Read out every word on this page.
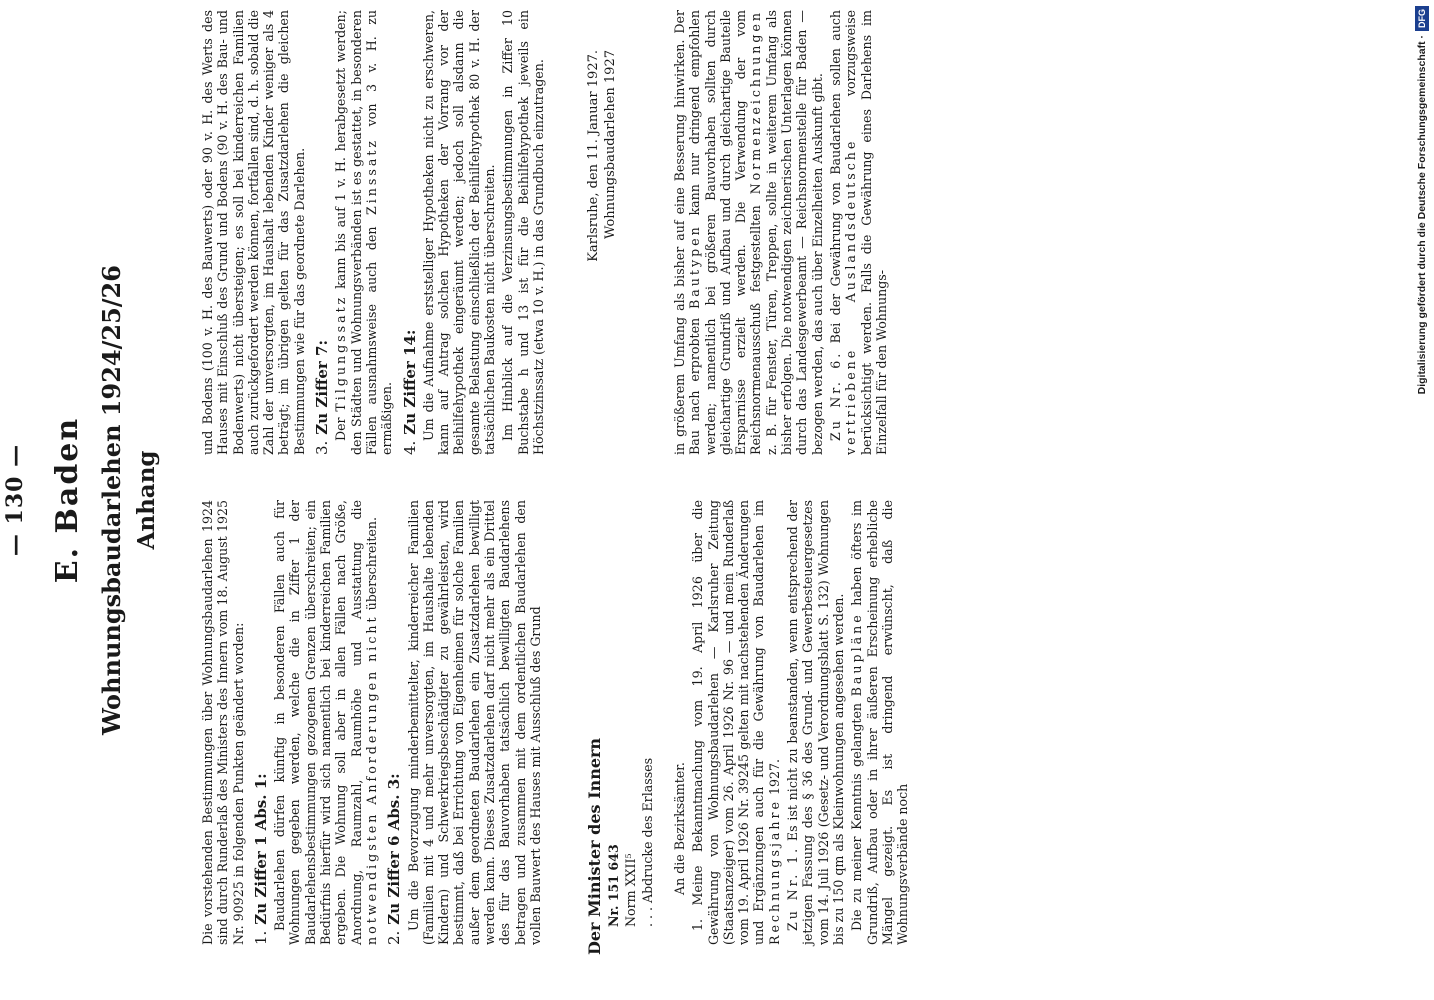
— 130 — E. Baden Wohnungsbaudarlehen 1924/25/26 Anhang	Die vorstehenden Bestimmungen über Wohnungsbaudarlehen 1924 sind durch Runderlaß des Ministers des Innern vom 18. August 1925 Nr. 90925 in folgenden Punkten geändert worden: 1.Zu Ziffer 1 Abs. 1: Baudarlehen dürfen künftig in besonderen Fällen auch für Wohnungen gegeben werden, welche die in Ziffer 1 der Baudarlehensbestimmungen gezogenen Grenzen überschreiten; ein Bedürfnis hierfür wird sich namentlich bei kinderreichen Familien ergeben. Die Wohnung soll aber in allen Fällen nach Größe, Anordnung, Raumzahl, Raumhöhe und Ausstattung die notwendigsten Anforderungen nicht überschreiten.

2.Zu Ziffer 6 Abs. 3: Um die Bevorzugung minderbemittelter, kinderreicher Familien (Familien mit 4 und mehr unversorgten, im Haushalte lebenden Kindern) und Schwerkriegsbeschädigter zu gewährleisten, wird bestimmt, daß bei Errichtung von Eigenheimen für solche Familien außer dem geordneten Baudarlehen ein Zusatzdarlehen bewilligt werden kann. Dieses Zusatzdarlehen darf nicht mehr als ein Drittel des für das Bauvorhaben tatsächlich bewilligten Baudarlehens betragen und zusammen mit dem ordentlichen Baudarlehen den vollen Bauwert des Hauses mit Ausschluß des Grund

und Bodens (100 v. H. des Bauwerts) oder 90 v. H. des Werts des Hauses mit Einschluß des Grund und Bodens (90 v. H. des Bau- und Bodenwerts) nicht übersteigen; es soll bei kinderreichen Familien auch zurückgefordert werden können, fortfallen sind, d. h. sobald die Zahl der unversorgten, im Haushalt lebenden Kinder weniger als 4 beträgt; im übrigen gelten für das Zusatzdarlehen die gleichen Bestimmungen wie für das geordnete Darlehen. 3.Zu Ziffer 7: Der Tilgungssatz kann bis auf 1 v. H. herabgesetzt werden; den Städten und Wohnungsverbänden ist es gestattet, in besonderen Fällen ausnahmsweise auch den Zinssatz von 3 v. H. zu ermäßigen. 4.Zu Ziffer 14: Um die Aufnahme erststelliger Hypotheken nicht zu erschweren, kann auf Antrag solchen Hypotheken der Vorrang vor der Beihilfehypothek eingeräumt werden; jedoch soll alsdann die gesamte Belastung einschließlich der Beihilfehypothek 80 v. H. der tatsächlichen Baukosten nicht überschreiten. Im Hinblick auf die Verzinsungsbestimmungen in Ziffer 10 Buchstabe h und 13 ist für die Beihilfehypothek jeweils ein Höchstzinssatz (etwa 10 v. H.) in das Grundbuch einzutragen.

Der Minister des Innern Nr. 151 643 Norm XXII⁵ . . . Abdrucke des Erlasses

Karlsruhe, den 11. Januar 1927. Wohnungsbaudarlehen 1927

An die Bezirksämter. 1. Meine Bekanntmachung vom 19. April 1926 über die Gewährung von Wohnungsbaudarlehen — Karlsruher Zeitung (Staatsanzeiger) vom 26. April 1926 Nr. 96 — und mein Runderlaß vom 19. April 1926 Nr. 39245 gelten mit nachstehenden Änderungen und Ergänzungen auch für die Gewährung von Baudarlehen im Rechnungsjahre 1927.

Zu Nr. 1. Es ist nicht zu beanstanden, wenn entsprechend der jetzigen Fassung des § 36 des Grund- und Gewerbesteuergesetzes vom 14. Juli 1926 (Gesetz- und Verordnungsblatt S. 132) Wohnungen bis zu 150 qm als Kleinwohnungen angesehen werden. Die zu meiner Kenntnis gelangten Baupläne haben öfters im Grundriß, Aufbau oder in ihrer äußeren Erscheinung erhebliche Mängel gezeigt. Es ist dringend erwünscht, daß die Wohnungsverbände noch

in größerem Umfang als bisher auf eine Besserung hinwirken. Der Bau nach erprobten Bautypen kann nur dringend empfohlen werden; namentlich bei größeren Bauvorhaben sollten durch gleichartige Grundriß und Aufbau und durch gleichartige Bauteile Ersparnisse erzielt werden. Die Verwendung der vom Reichsnormenausschuß festgestellten Normenzeichnungen z. B. für Fenster, Türen, Treppen, sollte in weiterem Umfang als bisher erfolgen. Die notwendigen zeichnerischen Unterlagen können durch das Landesgewerbeamt — Reichsnormenstelle für Baden — bezogen werden, das auch über Einzelheiten Auskunft gibt. Zu Nr. 6. Bei der Gewährung von Baudarlehen sollen auch vertriebene Auslandsdeutsche vorzugsweise berücksichtigt werden. Falls die Gewährung eines Darlehens im Einzelfall für den Wohnungs-	Digitalisierung gefördert durch die Deutsche Forschungsgemeinschaft ·DFG
